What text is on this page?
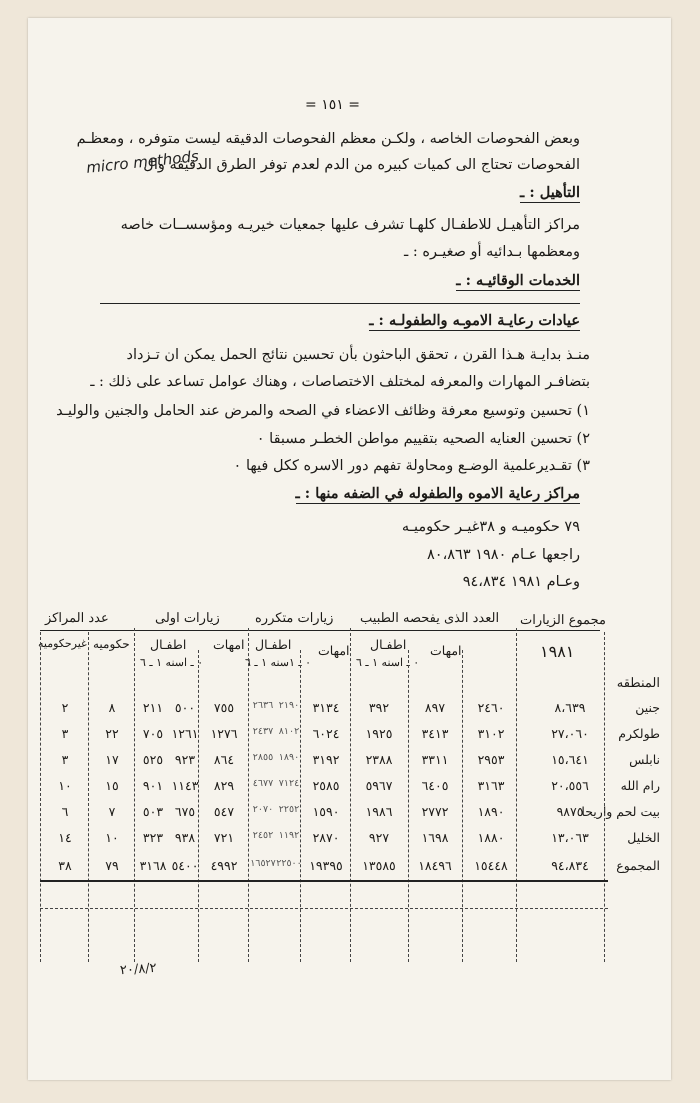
= ١٥١ =
وبعض الفحوصات الخاصه ، ولكـن معظم الفحوصات الدقيقه ليست متوفره ، ومعظـم
الفحوصات تحتاج الى كميات كبيره من الدم لعدم توفر الطرق الدقيقه وال
micro methods
التأهيل : ـ
مراكز التأهيـل للاطفـال كلهـا تشرف عليها جمعيات خيريـه ومؤسســات خاصه
ومعظمها بـدائيه أو صغيـره : ـ
الخدمات الوقائيـه : ـ
عيادات رعايـة الاموـه والطفولـه : ـ
منـذ بدايـة هـذا القرن ، تحقق الباحثون بأن تحسين نتائج الحمل يمكن ان تـزداد
بتضافـر المهارات والمعرفه لمختلف الاختصاصات ، وهناك عوامل تساعد على ذلك : ـ
١) تحسين وتوسيع معرفة وظائف الاعضاء في الصحه والمرض عند الحامل والجنين والوليـد
٢) تحسين العنايه الصحيه بتقييم مواطن الخطـر مسبقا ٠
٣) تقـديرعلمية الوضـع ومحاولة تفهم دور الاسره ككل فيها ٠
مراكز رعاية الاموه والطفوله في الضفه منها : ـ
٧٩ حكوميـه و ٣٨غيـر حكوميـه
راجعها عـام ١٩٨٠ ٨٠،٨٦٣
وعـام ١٩٨١ ٩٤،٨٣٤
مجموع الزيارات
العدد الذى يفحصه الطبيب
زيارات متكرره
زيارات اولى
عدد المراكز
١٩٨١
امهات
اطفـال
٠ ـ اسنه ١ ـ ٦
امهات
اطفـال
٠ ـ ١سنه ١ ـ ٦
امهات
اطفـال
٠ ـ اسنه ١ ـ ٦
حكوميه
غيرحكوميه
المنطقه
جنين
٨،٦٣٩
٢٤٦٠
٨٩٧
٣٩٢
٣١٣٤
٢١٩٠
٢٦٣٦
٧٥٥
٥٠٠
٢١١
٨
٢
طولكرم
٢٧،٠٦٠
٣١٠٢
٣٤١٣
١٩٢٥
٦٠٢٤
٨١٠٢
٢٤٣٧
١٢٧٦
١٢٦١
٧٠٥
٢٢
٣
نابلس
١٥،٦٤١
٢٩٥٣
٣٣١١
٢٣٨٨
٣١٩٢
١٨٩٠
٢٨٥٥
٨٦٤
٩٢٣
٥٢٥
١٧
٣
رام الله
٢٠،٥٥٦
٣١٦٣
٦٤٠٥
٥٩٦٧
٢٥٨٥
٧١٢٤
٤٦٧٧
٨٢٩
١١٤٣
٩٠١
١٥
١٠
بيت لحم واريحا
٩٨٧٥
١٨٩٠
٢٧٧٢
١٩٨٦
١٥٩٠
٢٢٥٢
٢٠٧٠
٥٤٧
٦٧٥
٥٠٣
٧
٦
الخليل
١٣،٠٦٣
١٨٨٠
١٦٩٨
٩٢٧
٢٨٧٠
١١٩٢
٢٤٥٢
٧٢١
٩٣٨
٣٢٣
١٠
١٤
المجموع
٩٤،٨٣٤
١٥٤٤٨
١٨٤٩٦
١٣٥٨٥
١٩٣٩٥
٢٢٥٠٠
١٦٥٢٧
٤٩٩٢
٥٤٠٠
٣١٦٨
٧٩
٣٨
٢٠/٨/٢
